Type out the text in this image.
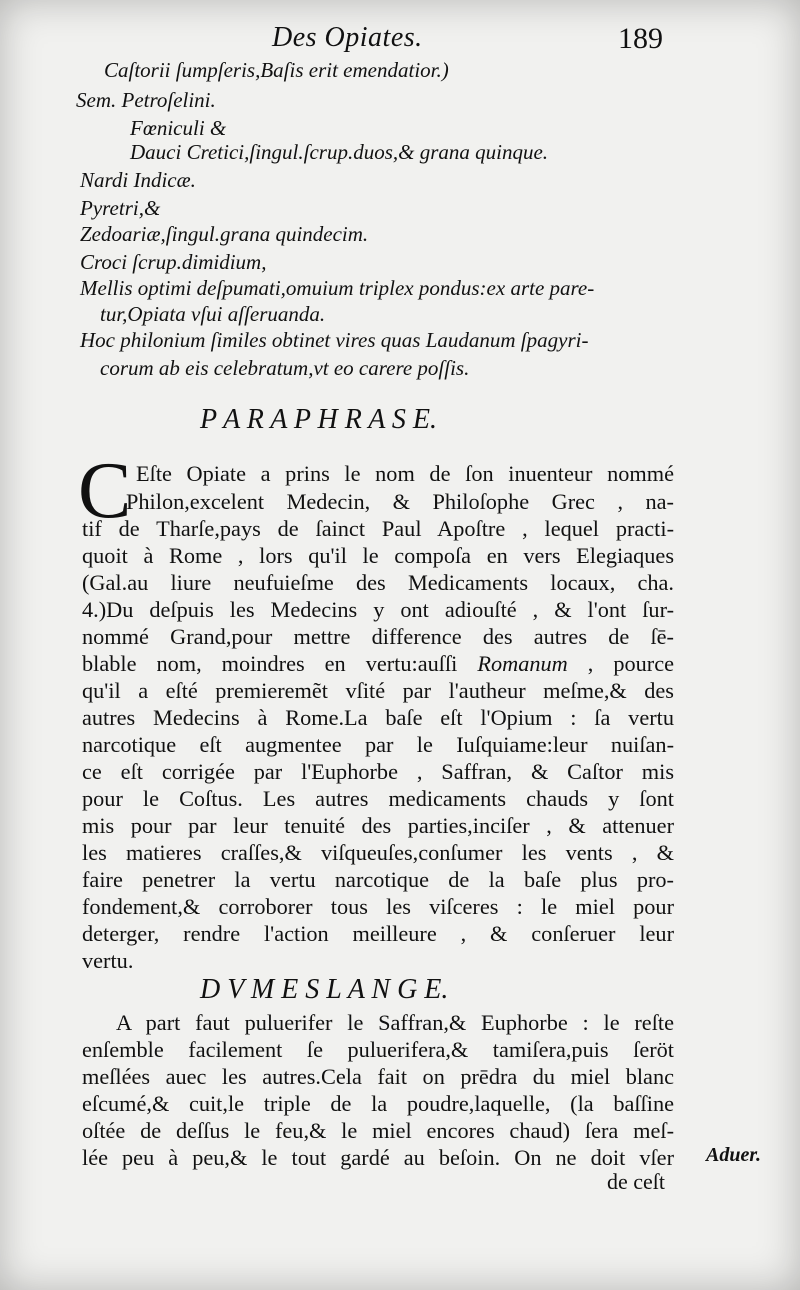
Des Opiates.	189
Caſtorii ſumpſeris,Baſis erit emendatior.)
Sem. Petroſelini.
Fœniculi &
Dauci Cretici,ſingul.ſcrup.duos,& grana quinque.
Nardi Indicæ.
Pyretri,&
Zedoariæ,ſingul.grana quindecim.
Croci ſcrup.dimidium,
Mellis optimi deſpumati,omuium triplex pondus:ex arte pare-
tur,Opiata vſui aſſeruanda.
Hoc philonium ſimiles obtinet vires quas Laudanum ſpagyri-
corum ab eis celebratum,vt eo carere poſſis.
P A R A P H R A S E.
C Eſte Opiate a prins le nom de ſon inuenteur nommé
Philon,excelent Medecin, & Philoſophe Grec , na-
tif de Tharſe,pays de ſainct Paul Apoſtre , lequel practi-
quoit à Rome , lors qu'il le compoſa en vers Elegiaques
(Gal.au liure neufuieſme des Medicaments locaux, cha.
4.)Du deſpuis les Medecins y ont adiouſté , & l'ont ſur-
nommé Grand,pour mettre difference des autres de ſē-
blable nom, moindres en vertu:auſſi Romanum , pource
qu'il a eſté premieremẽt vſité par l'autheur meſme,& des
autres Medecins à Rome.La baſe eſt l'Opium : ſa vertu
narcotique eſt augmentee par le Iuſquiame:leur nuiſan-
ce eſt corrigée par l'Euphorbe , Saffran, & Caſtor mis
pour le Coſtus. Les autres medicaments chauds y ſont
mis pour par leur tenuité des parties,inciſer , & attenuer
les matieres craſſes,& viſqueuſes,conſumer les vents , &
faire penetrer la vertu narcotique de la baſe plus pro-
fondement,& corroborer tous les viſceres : le miel pour
deterger, rendre l'action meilleure , & conſeruer leur
vertu.
D V M E S L A N G E.
A part faut puluerifer le Saffran,& Euphorbe : le reſte
enſemble facilement ſe puluerifera,& tamiſera,puis ſeröt
meſlées auec les autres.Cela fait on prēdra du miel blanc
eſcumé,& cuit,le triple de la poudre,laquelle, (la baſſine
oſtée de deſſus le feu,& le miel encores chaud) ſera meſ-
lée peu à peu,& le tout gardé au beſoin. On ne doit vſer
de ceſt
Aduer.
